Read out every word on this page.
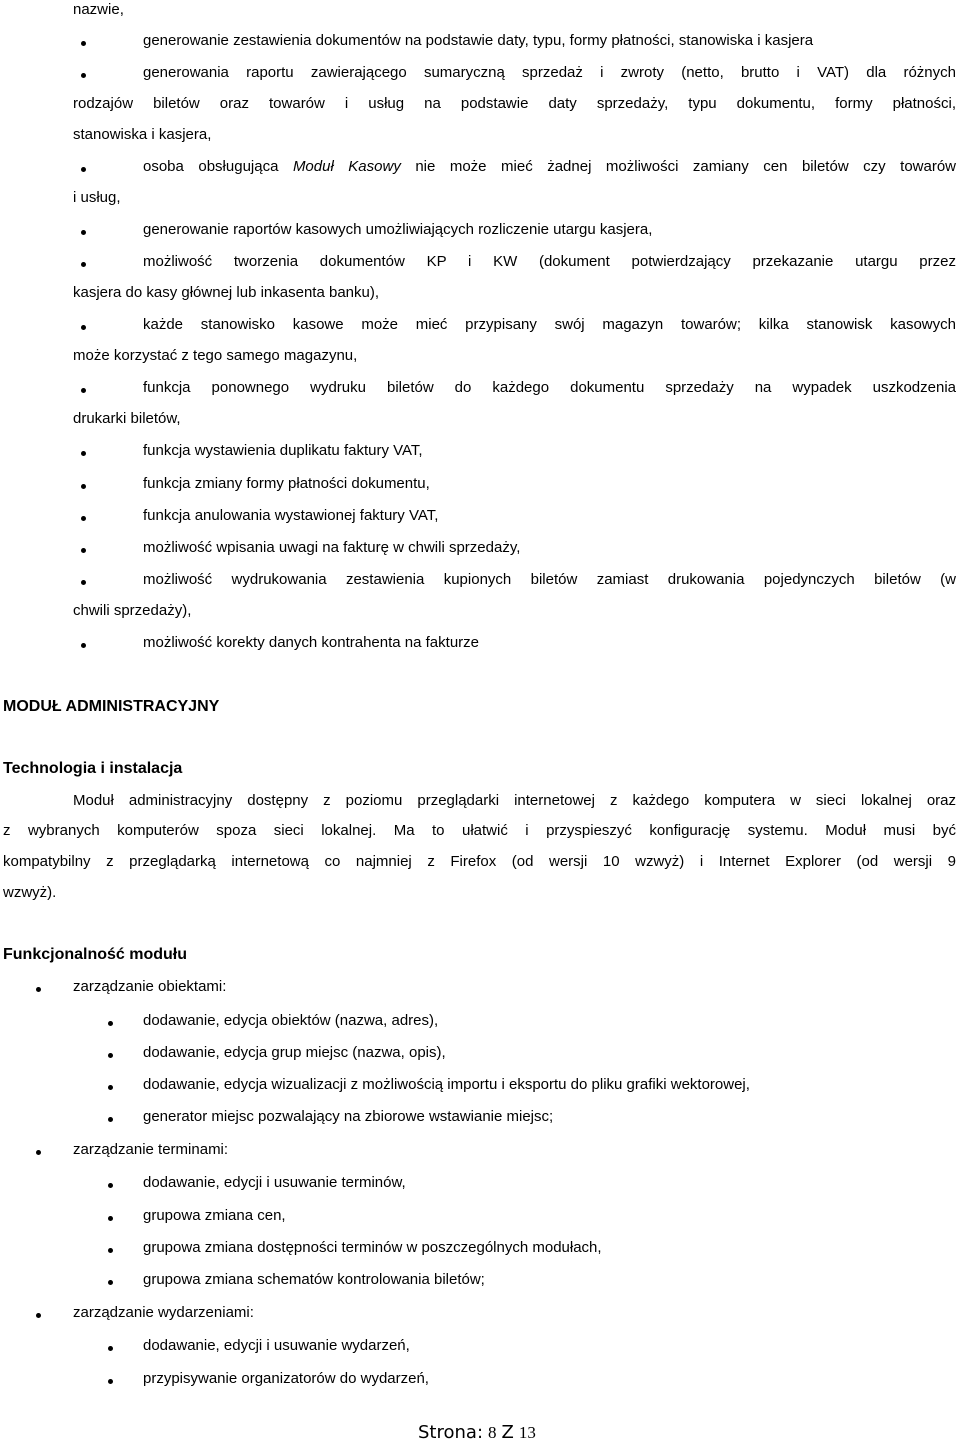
nazwie,
generowanie zestawienia dokumentów na podstawie daty, typu, formy płatności, stanowiska i kasjera
generowania raportu zawierającego sumaryczną sprzedaż i zwroty (netto, brutto i VAT) dla różnych
rodzajów biletów oraz towarów i usług na podstawie daty sprzedaży, typu dokumentu, formy płatności,
stanowiska i kasjera,
osoba obsługująca Moduł Kasowy nie może mieć żadnej możliwości zamiany cen biletów czy towarów
i usług,
generowanie raportów kasowych umożliwiających rozliczenie utargu kasjera,
możliwość tworzenia dokumentów KP i KW (dokument potwierdzający przekazanie utargu przez
kasjera do kasy głównej lub inkasenta banku),
każde stanowisko kasowe może mieć przypisany swój magazyn towarów; kilka stanowisk kasowych
może korzystać z tego samego magazynu,
funkcja ponownego wydruku biletów do każdego dokumentu sprzedaży na wypadek uszkodzenia
drukarki biletów,
funkcja wystawienia duplikatu faktury VAT,
funkcja zmiany formy płatności dokumentu,
funkcja anulowania wystawionej faktury VAT,
możliwość wpisania uwagi na fakturę w chwili sprzedaży,
możliwość wydrukowania zestawienia kupionych biletów zamiast drukowania pojedynczych biletów (w
chwili sprzedaży),
możliwość korekty danych kontrahenta na fakturze
MODUŁ ADMINISTRACYJNY
Technologia i instalacja
Moduł administracyjny dostępny z poziomu przeglądarki internetowej z każdego komputera w sieci lokalnej oraz
z wybranych komputerów spoza sieci lokalnej. Ma to ułatwić i przyspieszyć konfigurację systemu. Moduł musi być
kompatybilny z przeglądarką internetową co najmniej z Firefox (od wersji 10 wzwyż) i Internet Explorer (od wersji 9
wzwyż).
Funkcjonalność modułu
zarządzanie obiektami:
dodawanie, edycja obiektów (nazwa, adres),
dodawanie, edycja grup miejsc (nazwa, opis),
dodawanie, edycja wizualizacji z możliwością importu i eksportu do pliku grafiki wektorowej,
generator miejsc pozwalający na zbiorowe wstawianie miejsc;
zarządzanie terminami:
dodawanie, edycji i usuwanie terminów,
grupowa zmiana cen,
grupowa zmiana dostępności terminów w poszczególnych modułach,
grupowa zmiana schematów kontrolowania biletów;
zarządzanie wydarzeniami:
dodawanie, edycji i usuwanie wydarzeń,
przypisywanie organizatorów do wydarzeń,
Strona: 8 Z 13
